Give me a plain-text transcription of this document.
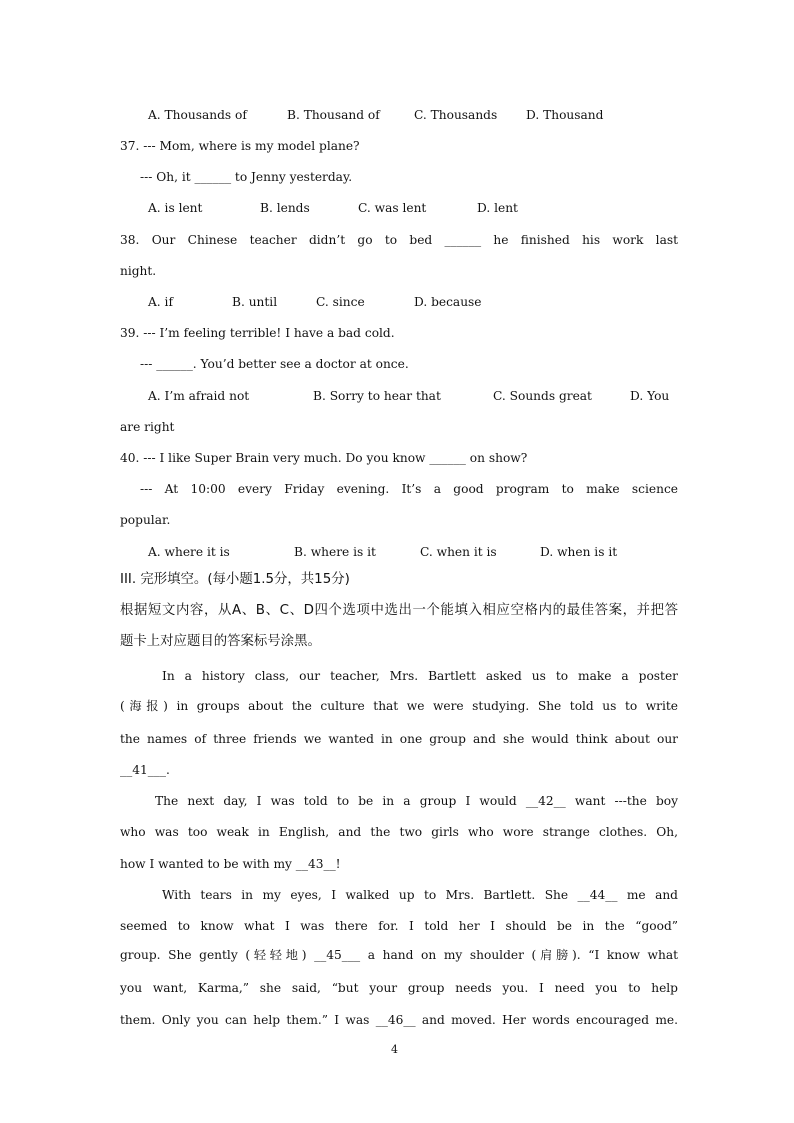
A. Thousands of	B. Thousand of	C. Thousands D. Thousand
37. --- Mom, where is my model plane?
--- Oh, it ______ to Jenny yesterday.
A. is lent	B. lends	C. was lent	D. lent
38. Our Chinese teacher didn’t go to bed ______ he finished his work last
night.
A. if	B. until	C. since	D. because
39. --- I’m feeling terrible! I have a bad cold.
--- ______. You’d better see a doctor at once.
A. I’m afraid not	B. Sorry to hear that	C. Sounds great	D. You
are right
40. --- I like Super Brain very much. Do you know ______ on show?
--- At 10:00 every Friday evening. It’s a good program to make science
popular.
A. where it is	B. where is it	C. when it is	D. when is it
III. 完形填空。(每小题1.5分，共15分)
根据短文内容，从A、B、C、D四个选项中选出一个能填入相应空格内的最佳答案，并把答
题卡上对应题目的答案标号涂黑。
In a history class, our teacher, Mrs. Bartlett asked us to make a poster
(海报) in groups about the culture that we were studying. She told us to write
the names of three friends we wanted in one group and she would think about our
__41___.
The next day, I was told to be in a group I would __42__ want ---the boy
who was too weak in English, and the two girls who wore strange clothes. Oh,
how I wanted to be with my __43__!
With tears in my eyes, I walked up to Mrs. Bartlett. She __44__ me and
seemed to know what I was there for. I told her I should be in the “good”
group. She gently (轻轻地) __45___ a hand on my shoulder (肩膀). “I know what
you want, Karma,” she said, “but your group needs you. I need you to help
them. Only you can help them.” I was __46__ and moved. Her words encouraged me.
4
